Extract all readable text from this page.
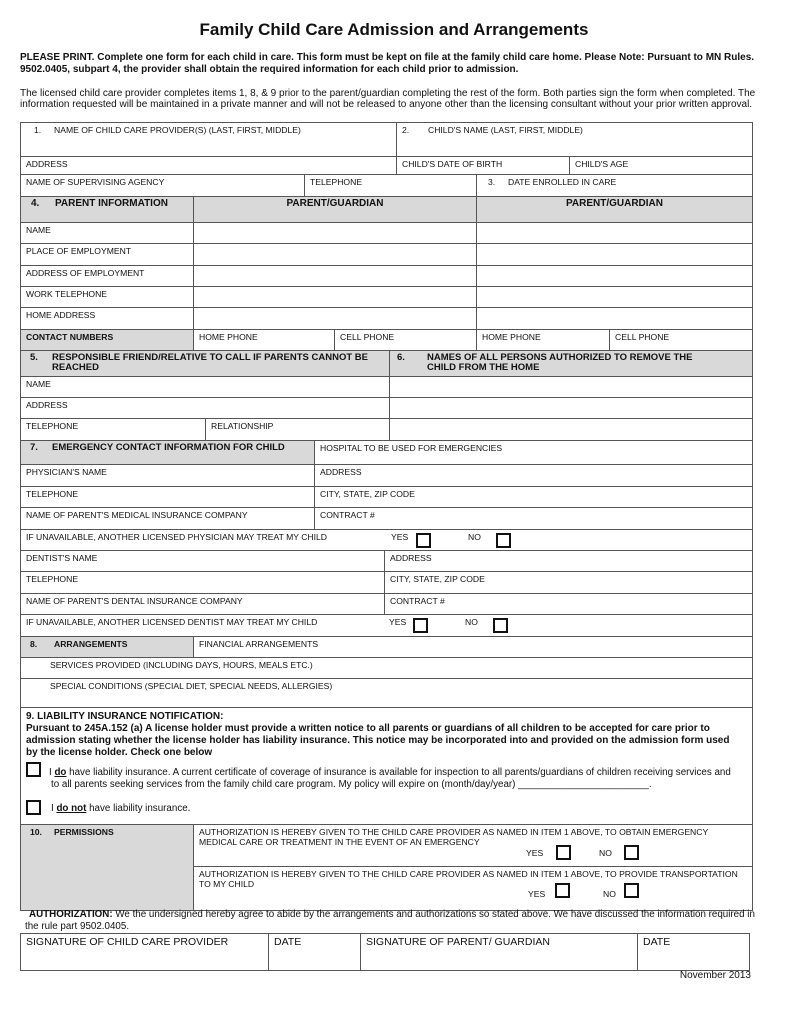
Family Child Care Admission and Arrangements
PLEASE PRINT. Complete one form for each child in care. This form must be kept on file at the family child care home. Please Note: Pursuant to MN Rules. 9502.0405, subpart 4, the provider shall obtain the required information for each child prior to admission.
The licensed child care provider completes items 1, 8, & 9 prior to the parent/guardian completing the rest of the form. Both parties sign the form when completed. The information requested will be maintained in a private manner and will not be released to anyone other than the licensing consultant without your prior written approval.
1. NAME OF CHILD CARE PROVIDER(S) (LAST, FIRST, MIDDLE)	2. CHILD'S NAME (LAST, FIRST, MIDDLE)
ADDRESS	CHILD'S DATE OF BIRTH	CHILD'S AGE
NAME OF SUPERVISING AGENCY	TELEPHONE	3. DATE ENROLLED IN CARE
4. PARENT INFORMATION	PARENT/GUARDIAN	PARENT/GUARDIAN
NAME
PLACE OF EMPLOYMENT
ADDRESS OF EMPLOYMENT
WORK TELEPHONE
HOME ADDRESS
CONTACT NUMBERS	HOME PHONE	CELL PHONE	HOME PHONE	CELL PHONE
5.	RESPONSIBLE FRIEND/RELATIVE TO CALL IF PARENTS CANNOT BE REACHED
6.	NAMES OF ALL PERSONS AUTHORIZED TO REMOVE THE CHILD FROM THE HOME
NAME
ADDRESS
TELEPHONE	RELATIONSHIP
7. EMERGENCY CONTACT INFORMATION FOR CHILD	HOSPITAL TO BE USED FOR EMERGENCIES
PHYSICIAN'S NAME	ADDRESS
TELEPHONE	CITY, STATE, ZIP CODE
NAME OF PARENT'S MEDICAL INSURANCE COMPANY	CONTRACT #
IF UNAVAILABLE, ANOTHER LICENSED PHYSICIAN MAY TREAT MY CHILD	YES	NO
DENTIST'S NAME	ADDRESS
TELEPHONE	CITY, STATE, ZIP CODE
NAME OF PARENT'S DENTAL INSURANCE COMPANY	CONTRACT #
IF UNAVAILABLE, ANOTHER LICENSED DENTIST MAY TREAT MY CHILD	YES	NO
8. ARRANGEMENTS	FINANCIAL ARRANGEMENTS
SERVICES PROVIDED (INCLUDING DAYS, HOURS, MEALS ETC.)
SPECIAL CONDITIONS (SPECIAL DIET, SPECIAL NEEDS, ALLERGIES)
9. LIABILITY INSURANCE NOTIFICATION:
Pursuant to 245A.152 (a) A license holder must provide a written notice to all parents or guardians of all children to be accepted for care prior to admission stating whether the license holder has liability insurance. This notice may be incorporated into and provided on the admission form used by the license holder. Check one below
I do have liability insurance. A current certificate of coverage of insurance is available for inspection to all parents/guardians of children receiving services and to all parents seeking services from the family child care program. My policy will expire on (month/day/year) ________________________.
I do not have liability insurance.
10. PERMISSIONS	AUTHORIZATION IS HEREBY GIVEN TO THE CHILD CARE PROVIDER AS NAMED IN ITEM 1 ABOVE, TO OBTAIN EMERGENCY MEDICAL CARE OR TREATMENT IN THE EVENT OF AN EMERGENCY
YES	NO
AUTHORIZATION IS HEREBY GIVEN TO THE CHILD CARE PROVIDER AS NAMED IN ITEM 1 ABOVE, TO PROVIDE TRANSPORTATION TO MY CHILD
YES	NO
AUTHORIZATION: We the undersigned hereby agree to abide by the arrangements and authorizations so stated above. We have discussed the information required in the rule part 9502.0405.
SIGNATURE OF CHILD CARE PROVIDER	DATE	SIGNATURE OF PARENT/ GUARDIAN	DATE
November 2013
